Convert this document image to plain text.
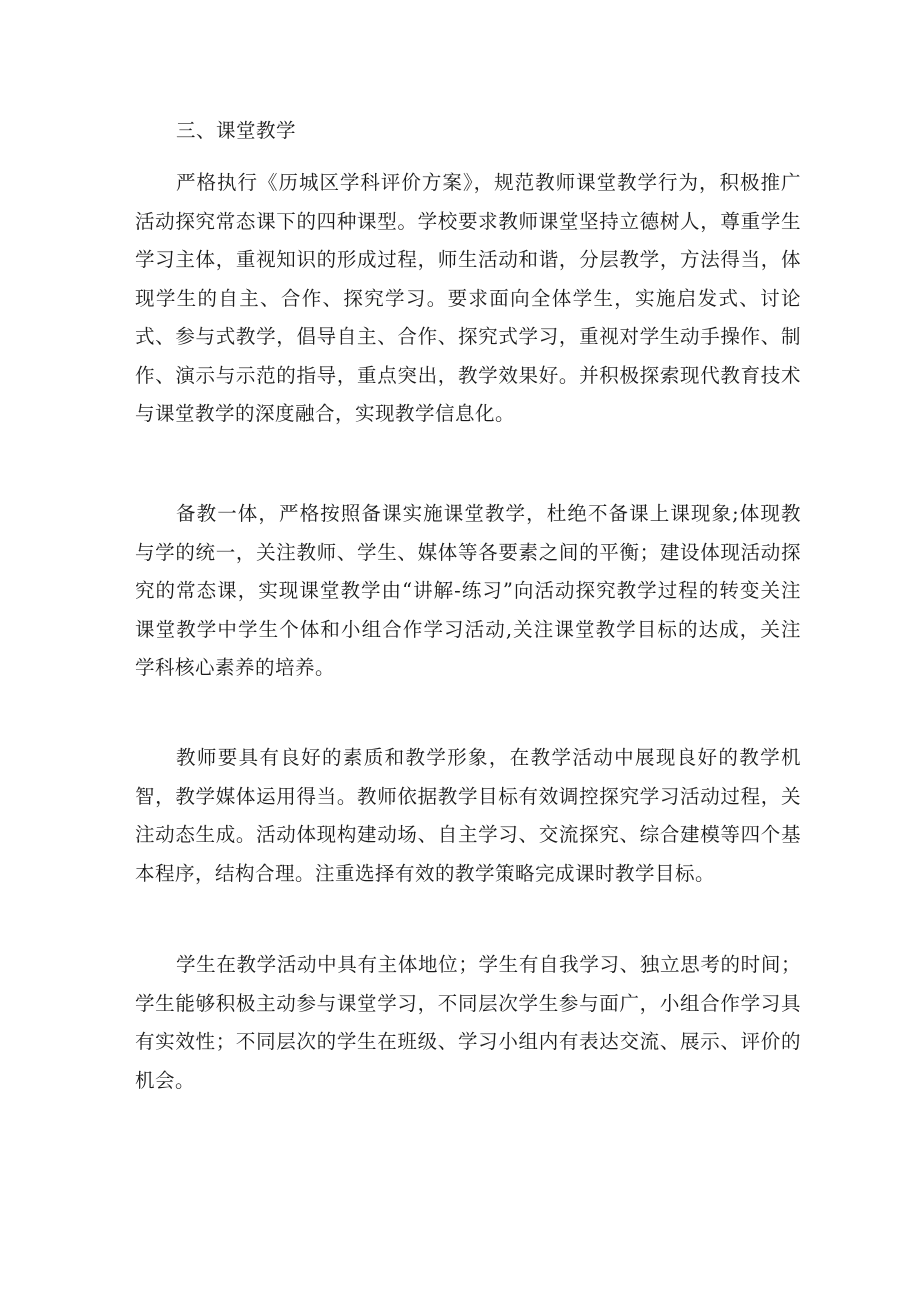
三、课堂教学

严格执行《历城区学科评价方案》，规范教师课堂教学行为，积极推广活动探究常态课下的四种课型。学校要求教师课堂坚持立德树人，尊重学生学习主体，重视知识的形成过程，师生活动和谐，分层教学，方法得当，体现学生的自主、合作、探究学习。要求面向全体学生，实施启发式、讨论式、参与式教学，倡导自主、合作、探究式学习，重视对学生动手操作、制作、演示与示范的指导，重点突出，教学效果好。并积极探索现代教育技术与课堂教学的深度融合，实现教学信息化。

备教一体，严格按照备课实施课堂教学，杜绝不备课上课现象;体现教与学的统一，关注教师、学生、媒体等各要素之间的平衡；建设体现活动探究的常态课，实现课堂教学由“讲解-练习”向活动探究教学过程的转变关注课堂教学中学生个体和小组合作学习活动,关注课堂教学目标的达成，关注学科核心素养的培养。

教师要具有良好的素质和教学形象，在教学活动中展现良好的教学机智，教学媒体运用得当。教师依据教学目标有效调控探究学习活动过程，关注动态生成。活动体现构建动场、自主学习、交流探究、综合建模等四个基本程序，结构合理。注重选择有效的教学策略完成课时教学目标。

学生在教学活动中具有主体地位；学生有自我学习、独立思考的时间；学生能够积极主动参与课堂学习，不同层次学生参与面广，小组合作学习具有实效性；不同层次的学生在班级、学习小组内有表达交流、展示、评价的机会。
